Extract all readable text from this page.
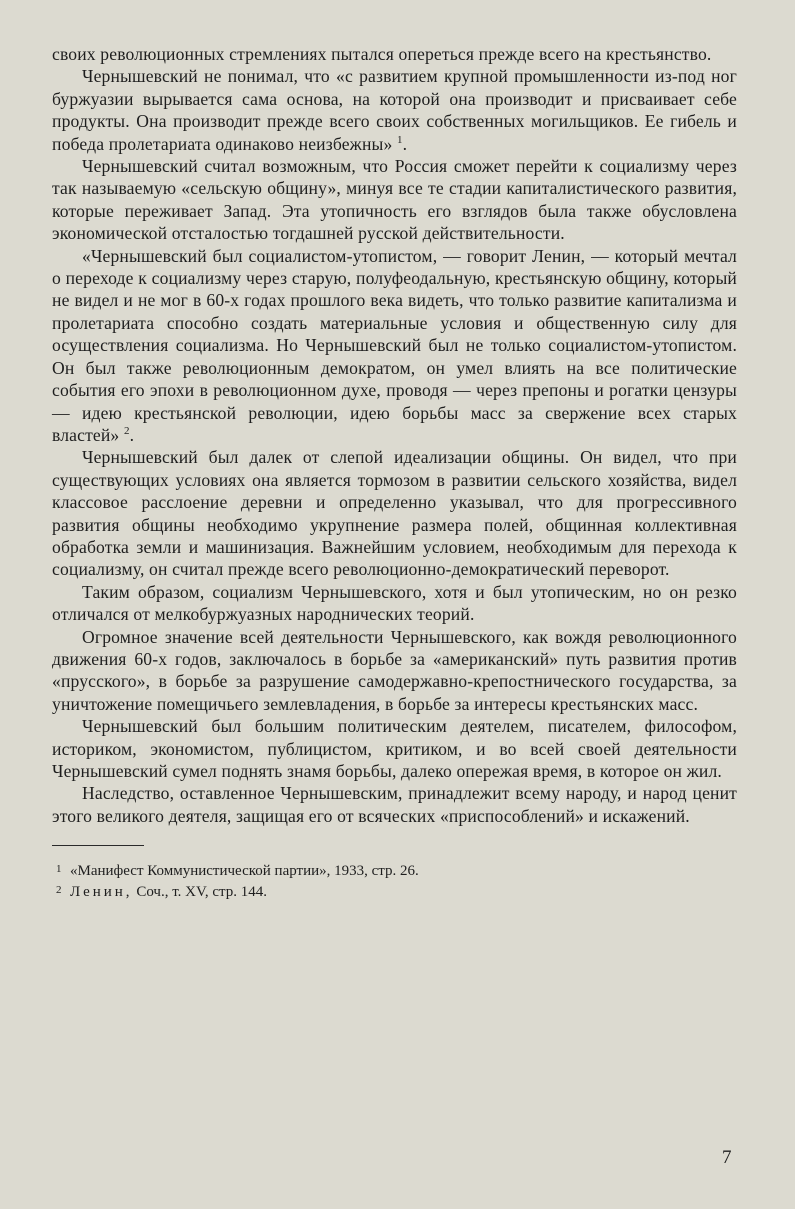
своих революционных стремлениях пытался опереться прежде всего на крестьянство.

Чернышевский не понимал, что «с развитием крупной промышленности из-под ног буржуазии вырывается сама основа, на которой она производит и присваивает себе продукты. Она производит прежде всего своих собственных могильщиков. Ее гибель и победа пролетариата одинаково неизбежны» $^1$.

Чернышевский считал возможным, что Россия сможет перейти к социализму через так называемую «сельскую общину», минуя все те стадии капиталистического развития, которые переживает Запад. Эта утопичность его взглядов была также обусловлена экономической отсталостью тогдашней русской действительности.

«Чернышевский был социалистом-утопистом, — говорит Ленин, — который мечтал о переходе к социализму через старую, полуфеодальную, крестьянскую общину, который не видел и не мог в 60-х годах прошлого века видеть, что только развитие капитализма и пролетариата способно создать материальные условия и общественную силу для осуществления социализма. Но Чернышевский был не только социалистом-утопистом. Он был также революционным демократом, он умел влиять на все политические события его эпохи в революционном духе, проводя — через препоны и рогатки цензуры — идею крестьянской революции, идею борьбы масс за свержение всех старых властей» $^2$.

Чернышевский был далек от слепой идеализации общины. Он видел, что при существующих условиях она является тормозом в развитии сельского хозяйства, видел классовое расслоение деревни и определенно указывал, что для прогрессивного развития общины необходимо укрупнение размера полей, общинная коллективная обработка земли и машинизация. Важнейшим условием, необходимым для перехода к социализму, он считал прежде всего революционно-демократический переворот.

Таким образом, социализм Чернышевского, хотя и был утопическим, но он резко отличался от мелкобуржуазных народнических теорий.

Огромное значение всей деятельности Чернышевского, как вождя революционного движения 60-х годов, заключалось в борьбе за «американский» путь развития против «прусского», в борьбе за разрушение самодержавно-крепостнического государства, за уничтожение помещичьего землевладения, в борьбе за интересы крестьянских масс.

Чернышевский был большим политическим деятелем, писателем, философом, историком, экономистом, публицистом, критиком, и во всей своей деятельности Чернышевский сумел поднять знамя борьбы, далеко опережая время, в которое он жил.

Наследство, оставленное Чернышевским, принадлежит всему народу, и народ ценит этого великого деятеля, защищая его от всяческих «приспособлений» и искажений.

1 «Манифест Коммунистической партии», 1933, стр. 26.

2 Ленин, Соч., т. XV, стр. 144.

7
